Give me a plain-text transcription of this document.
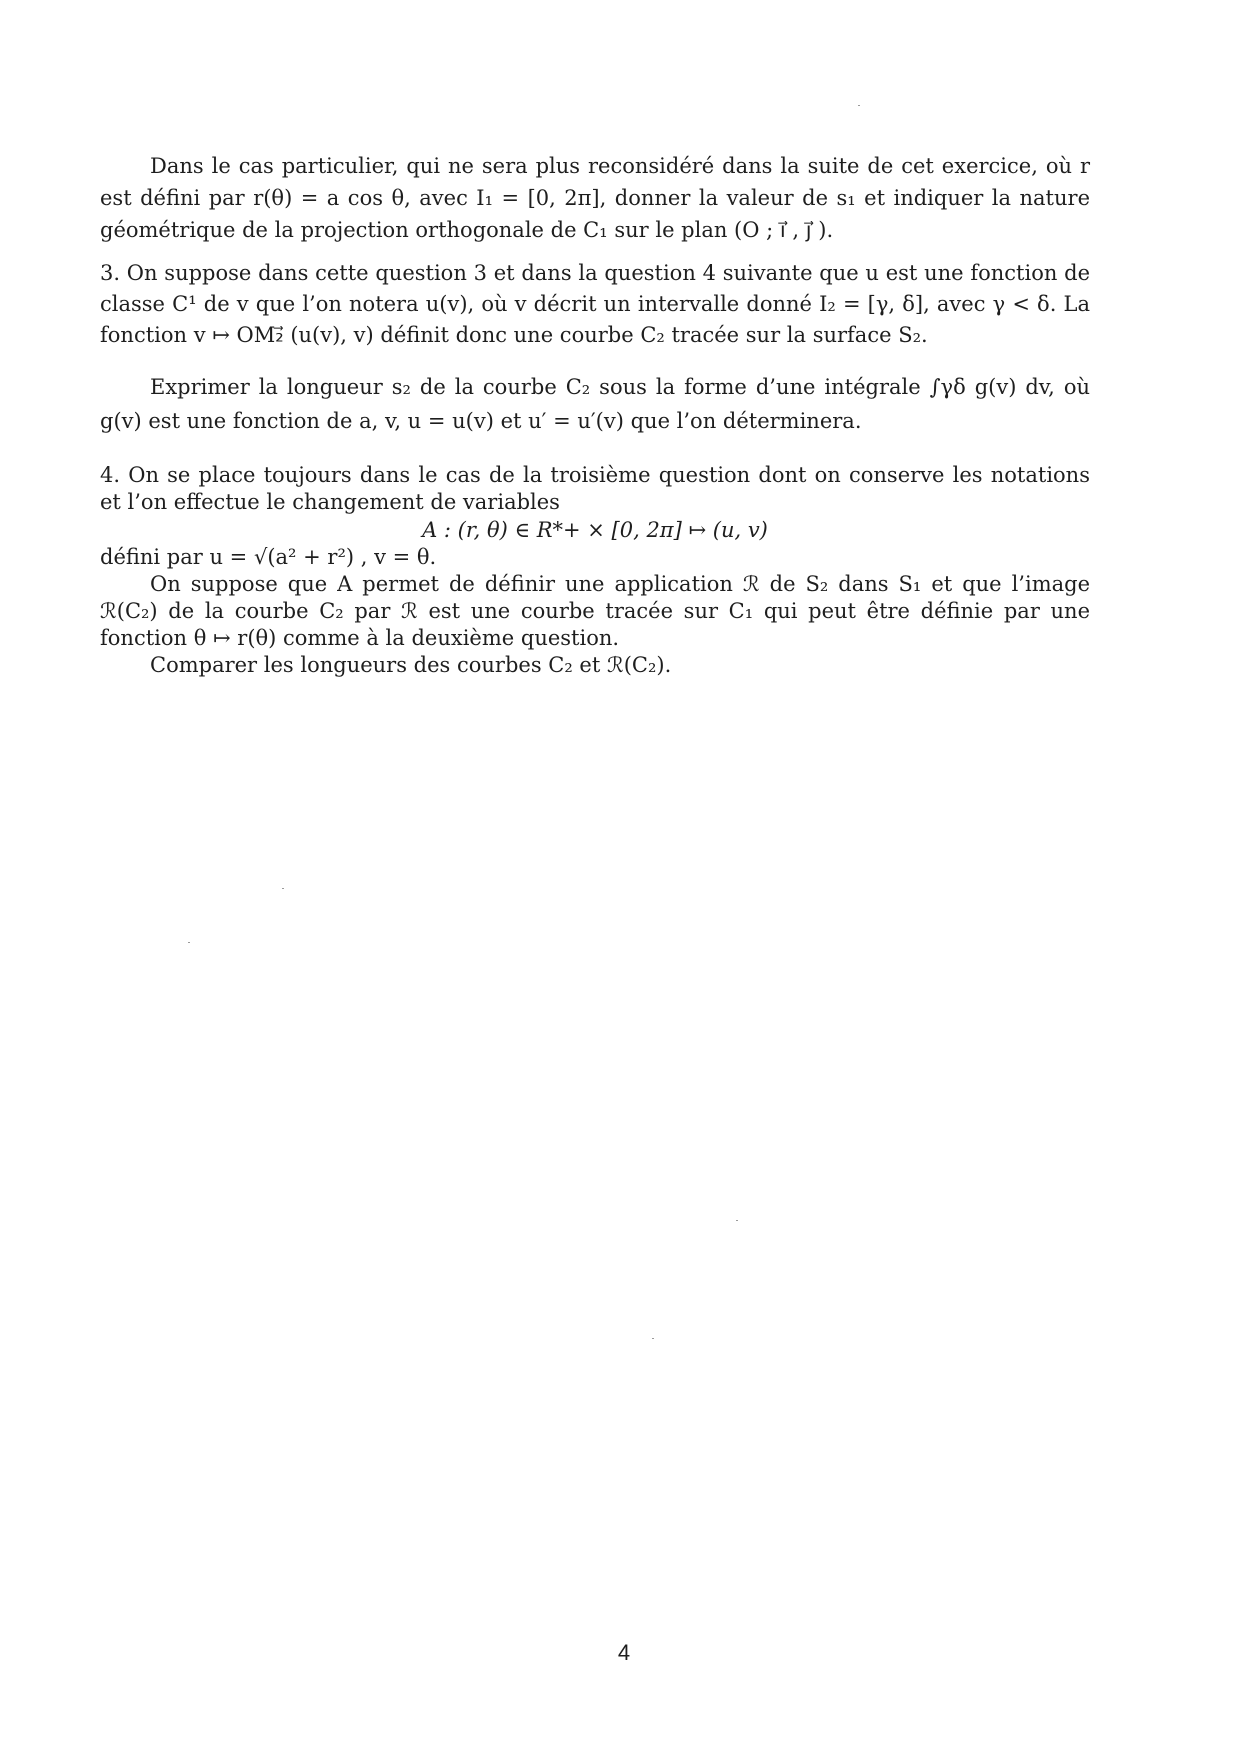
Dans le cas particulier, qui ne sera plus reconsidéré dans la suite de cet exercice, où r est défini par r(θ) = a cos θ, avec I₁ = [0, 2π], donner la valeur de s₁ et indiquer la nature géométrique de la projection orthogonale de C₁ sur le plan (O ; ı⃗ , ȷ⃗ ).

3. On suppose dans cette question 3 et dans la question 4 suivante que u est une fonction de classe C¹ de v que l’on notera u(v), où v décrit un intervalle donné I₂ = [γ, δ], avec γ < δ. La fonction v ↦ OM₂⃗ (u(v), v) définit donc une courbe C₂ tracée sur la surface S₂.

Exprimer la longueur s₂ de la courbe C₂ sous la forme d’une intégrale ∫γδ g(v) dv, où g(v) est une fonction de a, v, u = u(v) et u′ = u′(v) que l’on déterminera.

4. On se place toujours dans le cas de la troisième question dont on conserve les notations et l’on effectue le changement de variables

A : (r, θ) ∈ R*+ × [0, 2π] ↦ (u, v)

défini par u = √(a² + r²) , v = θ.

On suppose que A permet de définir une application ℛ de S₂ dans S₁ et que l’image ℛ(C₂) de la courbe C₂ par ℛ est une courbe tracée sur C₁ qui peut être définie par une fonction θ ↦ r(θ) comme à la deuxième question.

Comparer les longueurs des courbes C₂ et ℛ(C₂).

4
